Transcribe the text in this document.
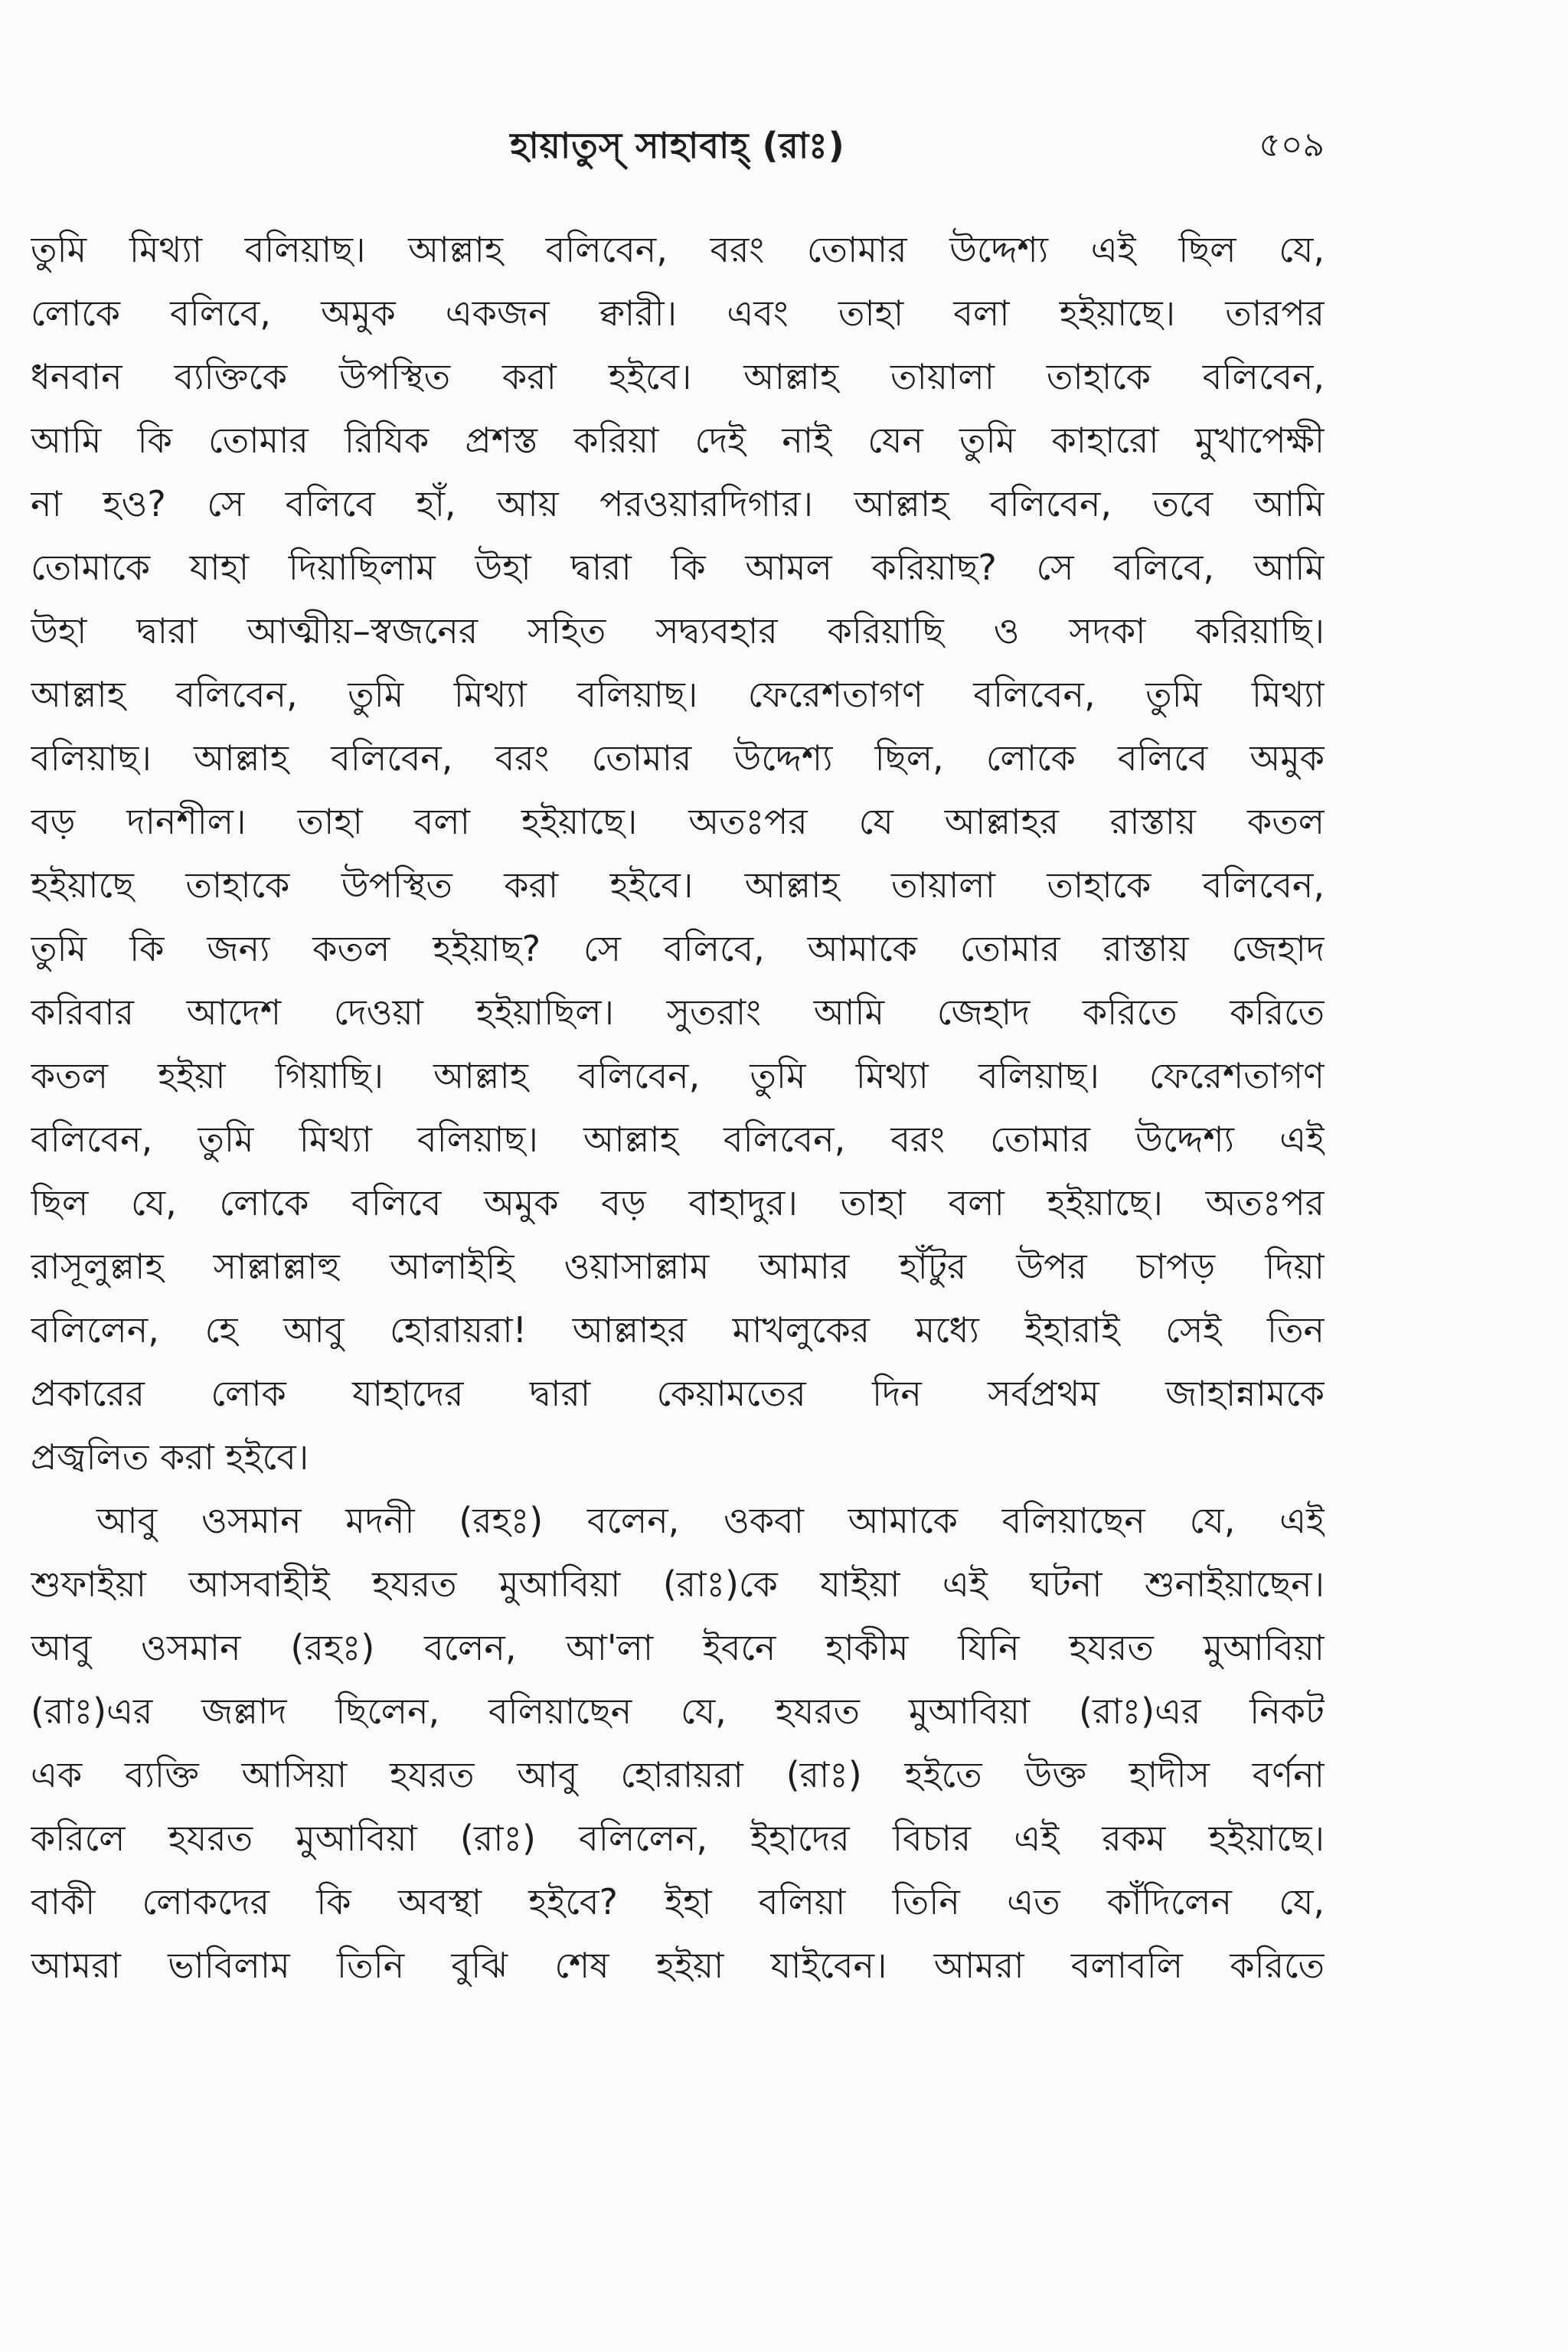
হায়াতুস্ সাহাবাহ্ (রাঃ)	৫০৯
তুমি মিথ্যা বলিয়াছ। আল্লাহ বলিবেন, বরং তোমার উদ্দেশ্য এই ছিল যে,
লোকে বলিবে, অমুক একজন ক্বারী। এবং তাহা বলা হইয়াছে। তারপর
ধনবান ব্যক্তিকে উপস্থিত করা হইবে। আল্লাহ তায়ালা তাহাকে বলিবেন,
আমি কি তোমার রিযিক প্রশস্ত করিয়া দেই নাই যেন তুমি কাহারো মুখাপেক্ষী
না হও? সে বলিবে হাঁ, আয় পরওয়ারদিগার। আল্লাহ বলিবেন, তবে আমি
তোমাকে যাহা দিয়াছিলাম উহা দ্বারা কি আমল করিয়াছ? সে বলিবে, আমি
উহা দ্বারা আত্মীয়–স্বজনের সহিত সদ্ব্যবহার করিয়াছি ও সদকা করিয়াছি।
আল্লাহ বলিবেন, তুমি মিথ্যা বলিয়াছ। ফেরেশতাগণ বলিবেন, তুমি মিথ্যা
বলিয়াছ। আল্লাহ বলিবেন, বরং তোমার উদ্দেশ্য ছিল, লোকে বলিবে অমুক
বড় দানশীল। তাহা বলা হইয়াছে। অতঃপর যে আল্লাহর রাস্তায় কতল
হইয়াছে তাহাকে উপস্থিত করা হইবে। আল্লাহ তায়ালা তাহাকে বলিবেন,
তুমি কি জন্য কতল হইয়াছ? সে বলিবে, আমাকে তোমার রাস্তায় জেহাদ
করিবার আদেশ দেওয়া হইয়াছিল। সুতরাং আমি জেহাদ করিতে করিতে
কতল হইয়া গিয়াছি। আল্লাহ বলিবেন, তুমি মিথ্যা বলিয়াছ। ফেরেশতাগণ
বলিবেন, তুমি মিথ্যা বলিয়াছ। আল্লাহ বলিবেন, বরং তোমার উদ্দেশ্য এই
ছিল যে, লোকে বলিবে অমুক বড় বাহাদুর। তাহা বলা হইয়াছে। অতঃপর
রাসূলুল্লাহ সাল্লাল্লাহু আলাইহি ওয়াসাল্লাম আমার হাঁটুর উপর চাপড় দিয়া
বলিলেন, হে আবু হোরায়রা! আল্লাহর মাখলুকের মধ্যে ইহারাই সেই তিন
প্রকারের লোক যাহাদের দ্বারা কেয়ামতের দিন সর্বপ্রথম জাহান্নামকে
প্রজ্বলিত করা হইবে।
আবু ওসমান মদনী (রহঃ) বলেন, ওকবা আমাকে বলিয়াছেন যে, এই
শুফাইয়া আসবাহীই হযরত মুআবিয়া (রাঃ)কে যাইয়া এই ঘটনা শুনাইয়াছেন।
আবু ওসমান (রহঃ) বলেন, আ'লা ইবনে হাকীম যিনি হযরত মুআবিয়া
(রাঃ)এর জল্লাদ ছিলেন, বলিয়াছেন যে, হযরত মুআবিয়া (রাঃ)এর নিকট
এক ব্যক্তি আসিয়া হযরত আবু হোরায়রা (রাঃ) হইতে উক্ত হাদীস বর্ণনা
করিলে হযরত মুআবিয়া (রাঃ) বলিলেন, ইহাদের বিচার এই রকম হইয়াছে।
বাকী লোকদের কি অবস্থা হইবে? ইহা বলিয়া তিনি এত কাঁদিলেন যে,
আমরা ভাবিলাম তিনি বুঝি শেষ হইয়া যাইবেন। আমরা বলাবলি করিতে
